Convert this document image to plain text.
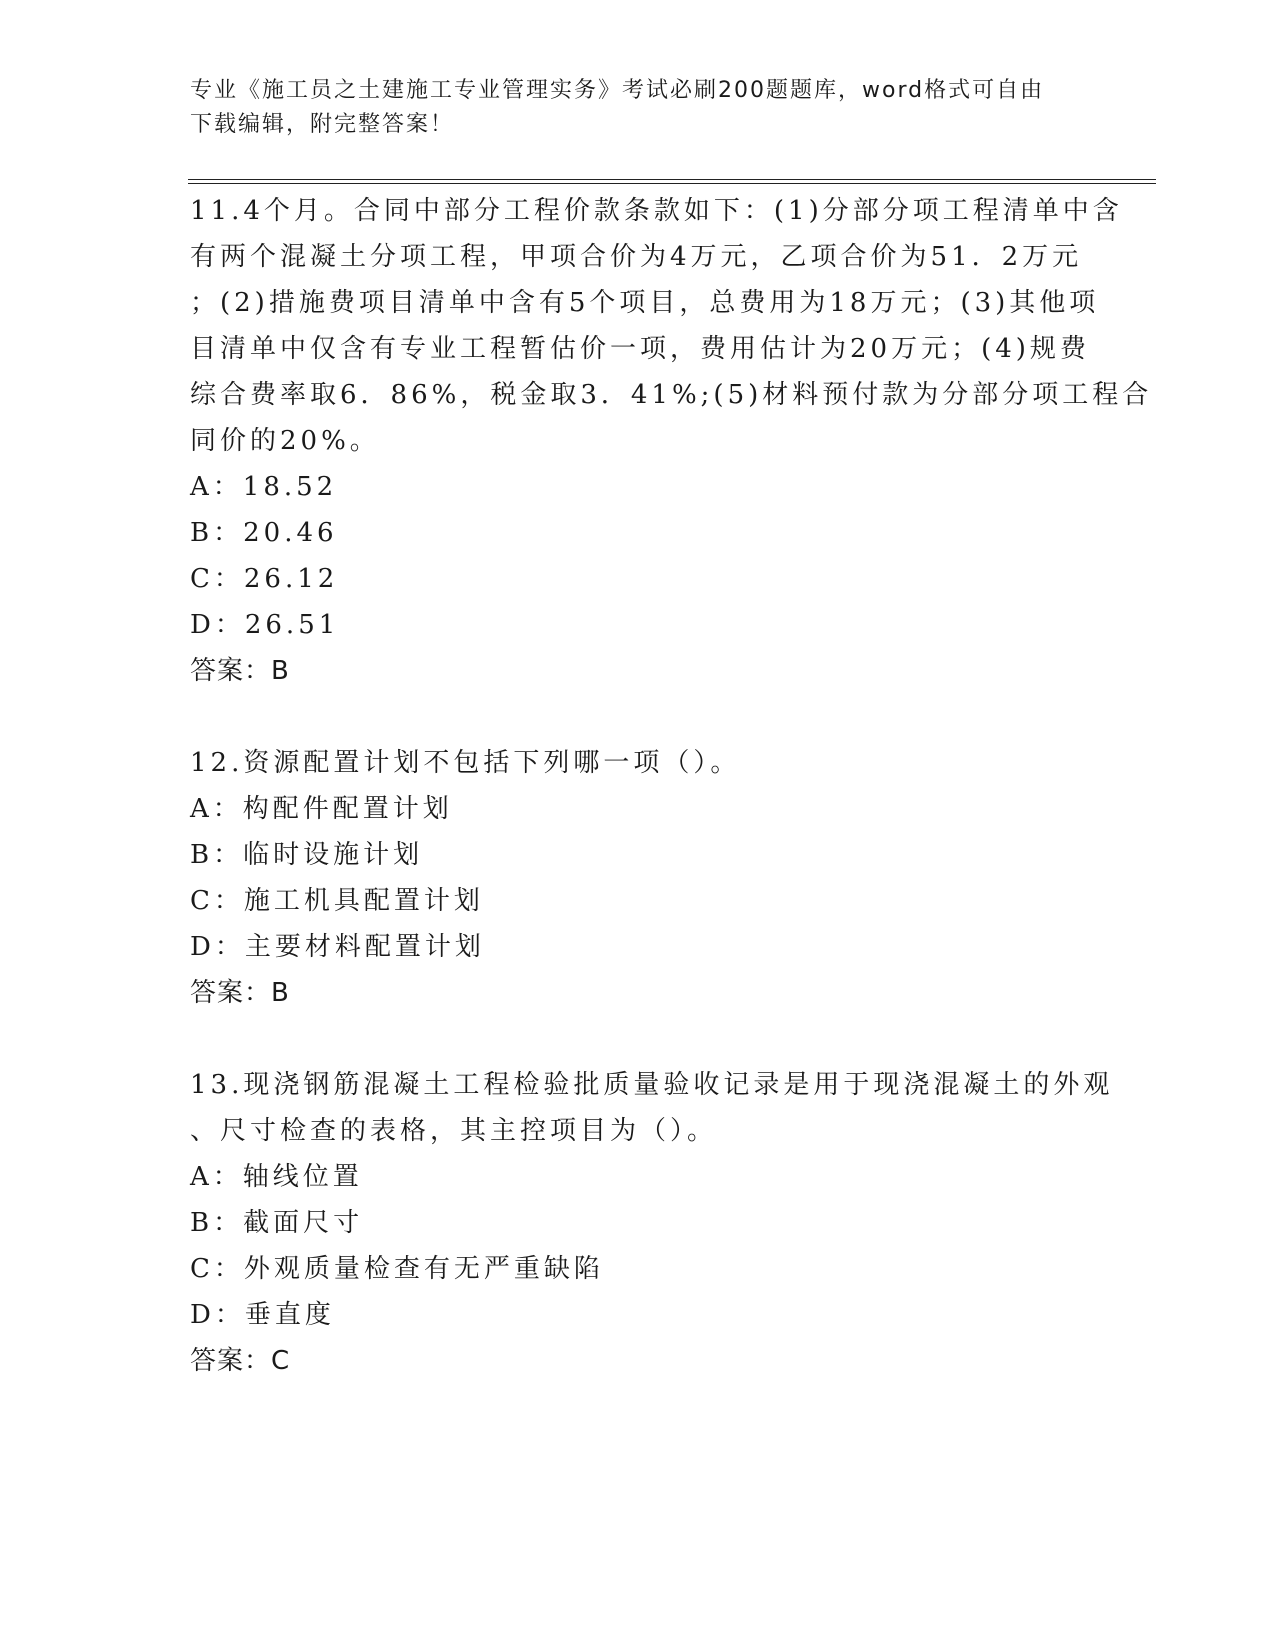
专业《施工员之土建施工专业管理实务》考试必刷200题题库，word格式可自由
下载编辑，附完整答案！
11.4个月。合同中部分工程价款条款如下：(1)分部分项工程清单中含
有两个混凝土分项工程，甲项合价为4万元，乙项合价为51．2万元
；(2)措施费项目清单中含有5个项目，总费用为18万元；(3)其他项
目清单中仅含有专业工程暂估价一项，费用估计为20万元；(4)规费
综合费率取6．86%，税金取3．41%;(5)材料预付款为分部分项工程合
同价的20%。
A：18.52
B：20.46
C：26.12
D：26.51
答案：B
12.资源配置计划不包括下列哪一项（）。
A：构配件配置计划
B：临时设施计划
C：施工机具配置计划
D：主要材料配置计划
答案：B
13.现浇钢筋混凝土工程检验批质量验收记录是用于现浇混凝土的外观
、尺寸检查的表格，其主控项目为（）。
A：轴线位置
B：截面尺寸
C：外观质量检查有无严重缺陷
D：垂直度
答案：C
